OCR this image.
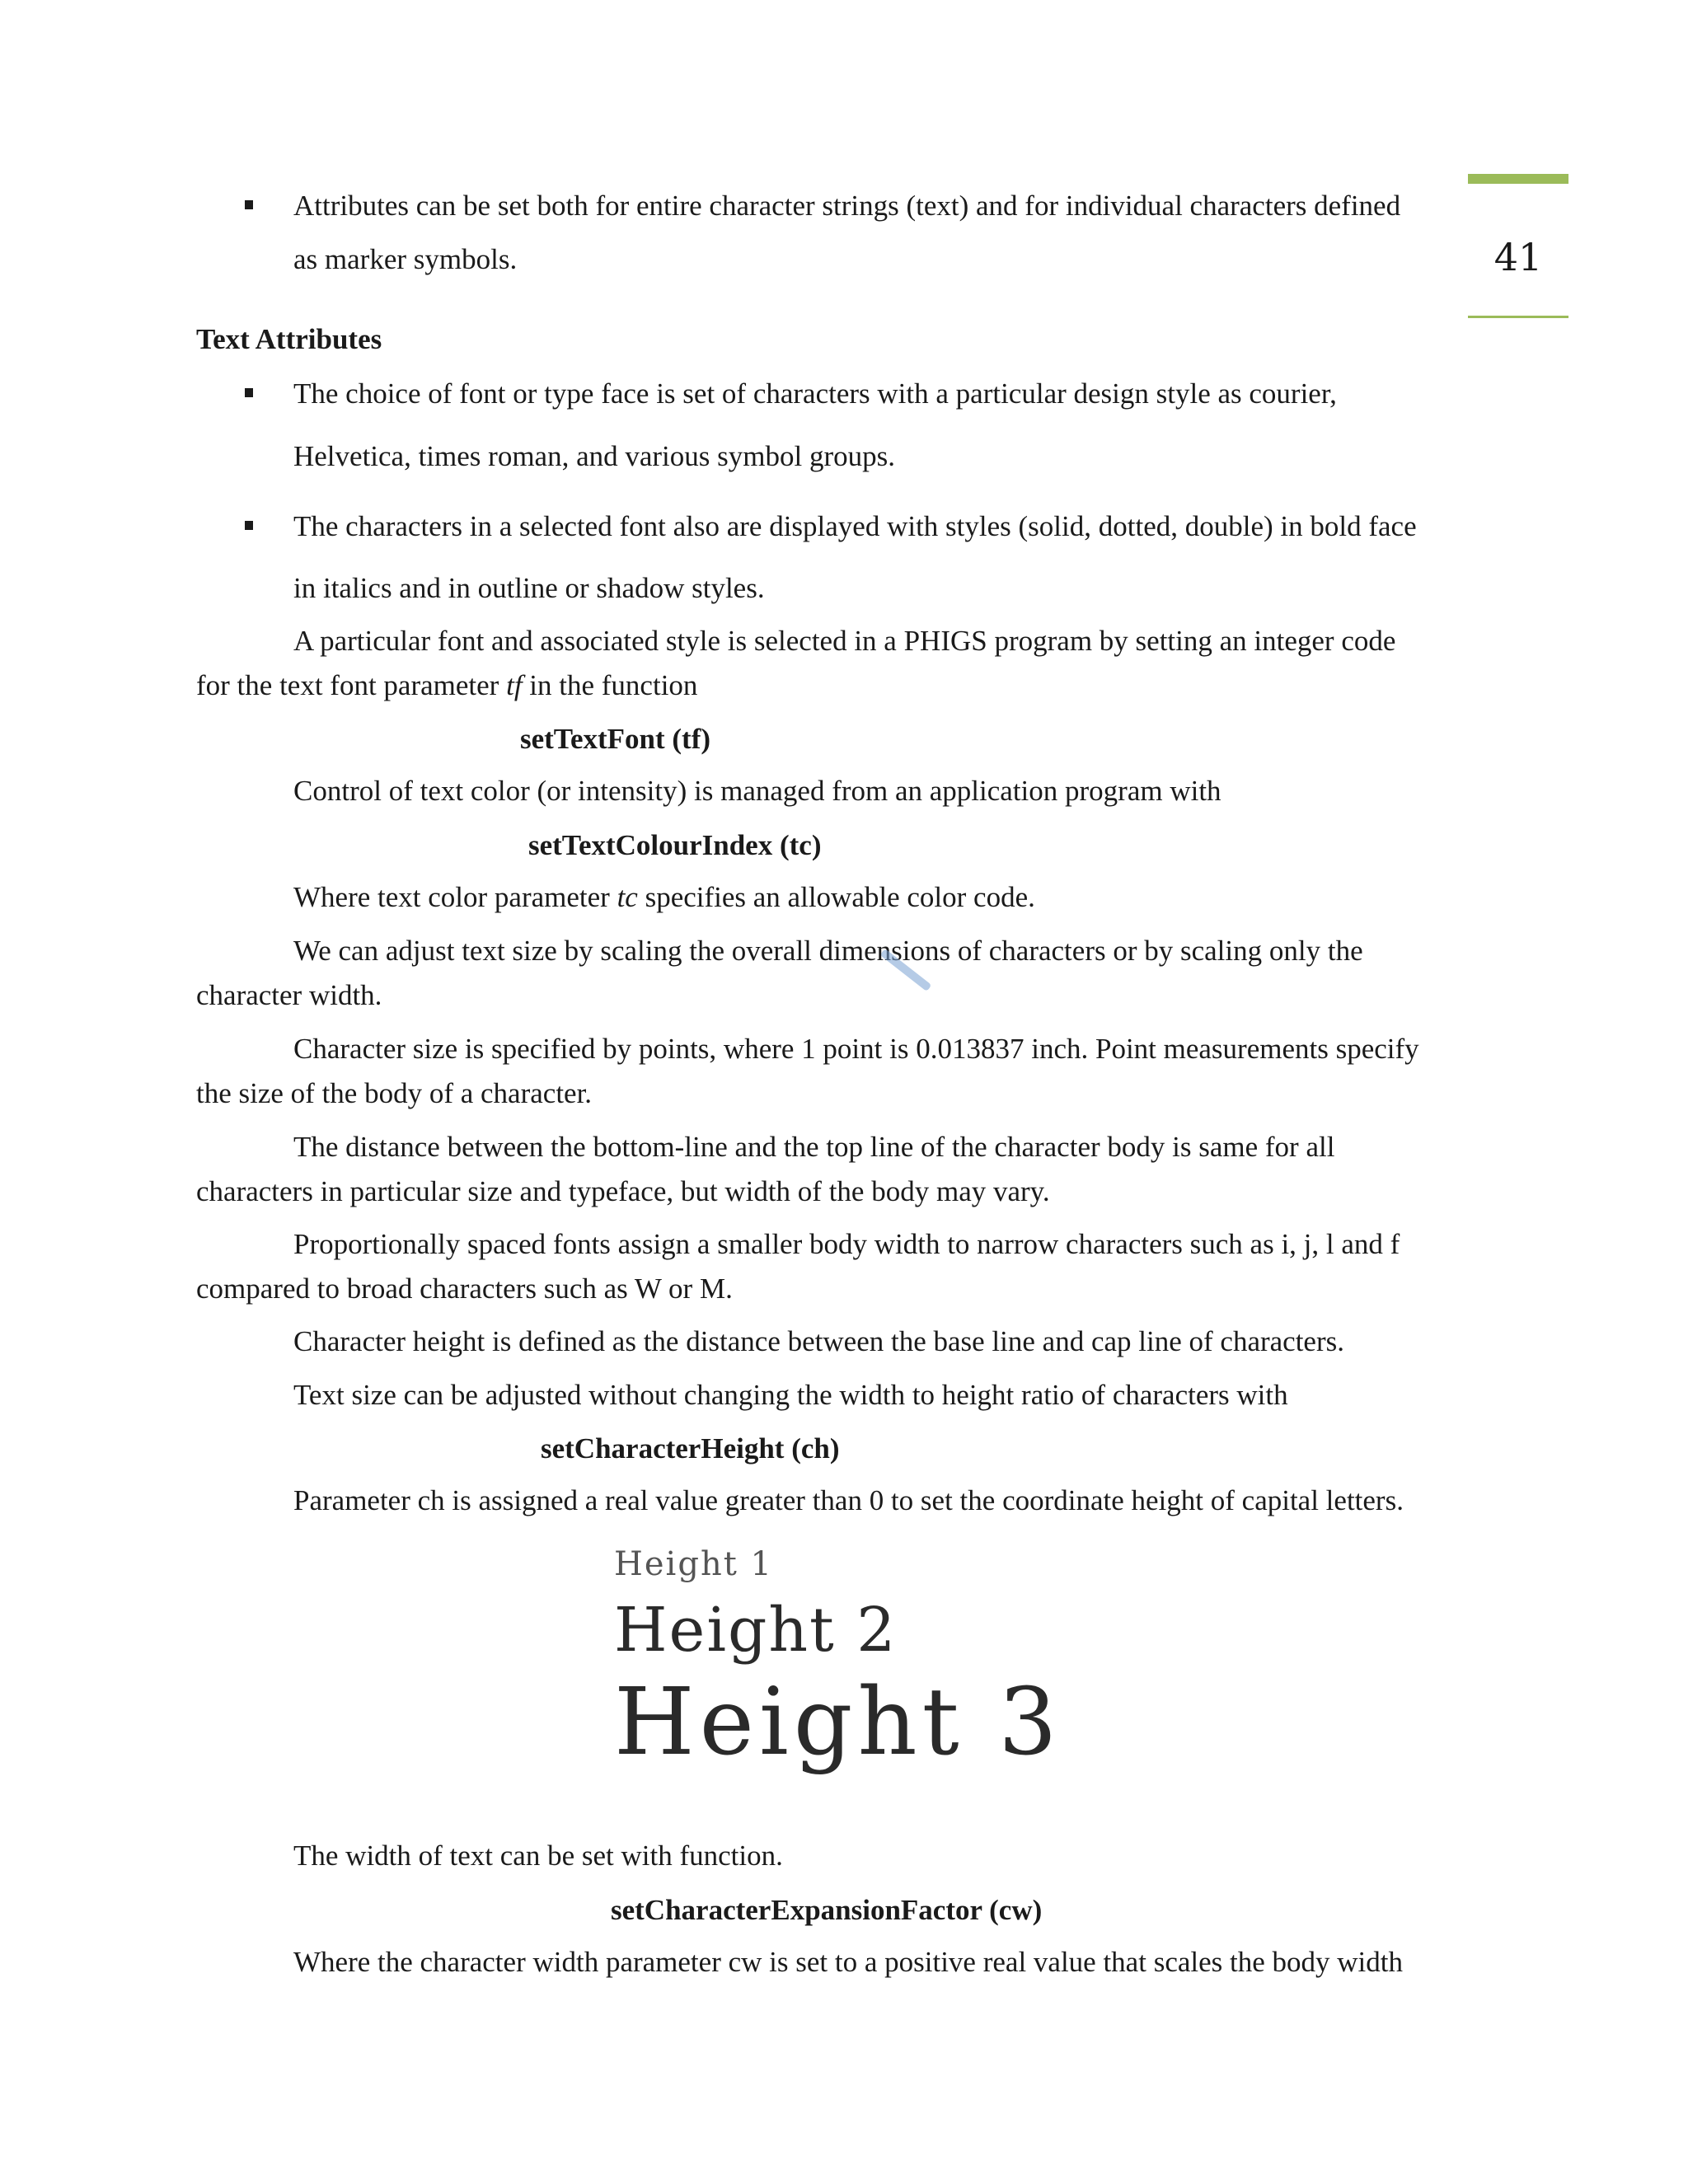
41
Attributes can be set both for entire character strings (text) and for individual characters defined
as marker symbols.
Text Attributes
The choice of font or type face is set of characters with a particular design style as courier,
Helvetica, times roman, and various symbol groups.
The characters in a selected font also are displayed with styles (solid, dotted, double) in bold face
in italics and in outline or shadow styles.
A particular font and associated style is selected in a PHIGS program by setting an integer code
for the text font parameter tf in the function
setTextFont (tf)
Control of text color (or intensity) is managed from an application program with
setTextColourIndex (tc)
Where text color parameter tc specifies an allowable color code.
We can adjust text size by scaling the overall dimensions of characters or by scaling only the
character width.
Character size is specified by points, where 1 point is 0.013837 inch. Point measurements specify
the size of the body of a character.
The distance between the bottom-line and the top line of the character body is same for all
characters in particular size and typeface, but width of the body may vary.
Proportionally spaced fonts assign a smaller body width to narrow characters such as i, j, l and f
compared to broad characters such as W or M.
Character height is defined as the distance between the base line and cap line of characters.
Text size can be adjusted without changing the width to height ratio of characters with
setCharacterHeight (ch)
Parameter ch is assigned a real value greater than 0 to set the coordinate height of capital letters.
Height 1
Height 2
Height 3
The width of text can be set with function.
setCharacterExpansionFactor (cw)
Where the character width parameter cw is set to a positive real value that scales the body width
